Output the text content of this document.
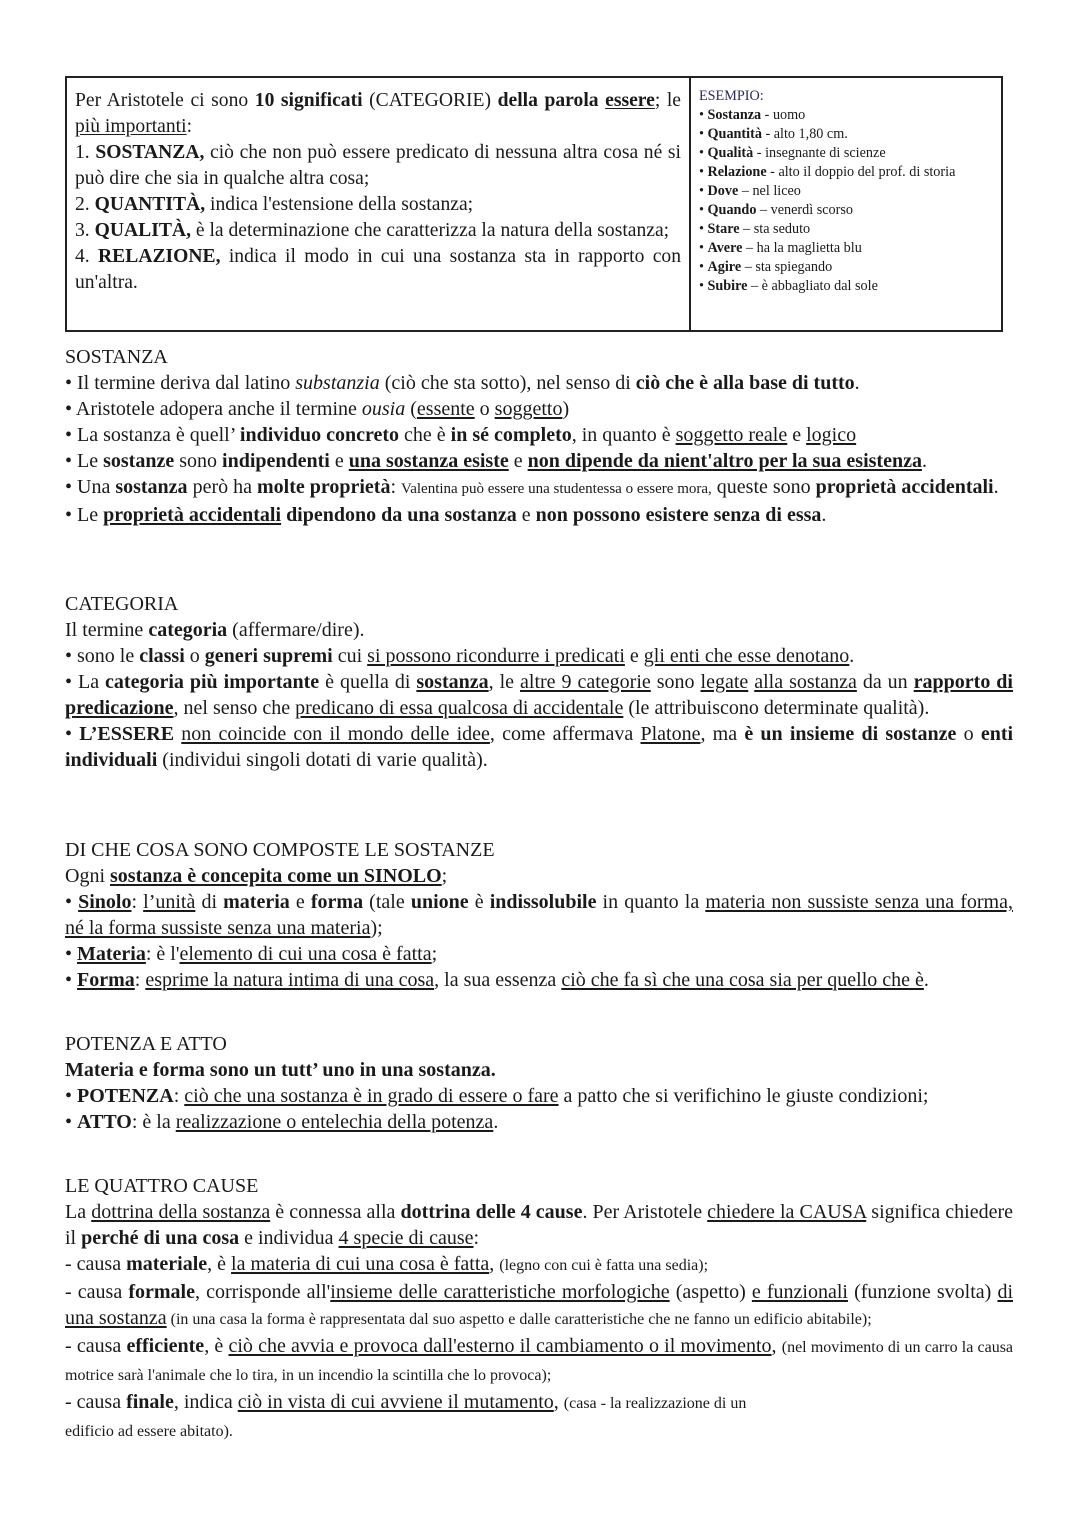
Per Aristotele ci sono 10 significati (CATEGORIE) della parola essere; le più importanti:
1. SOSTANZA, ciò che non può essere predicato di nessuna altra cosa né si può dire che sia in qualche altra cosa;
2. QUANTITÀ, indica l'estensione della sostanza;
3. QUALITÀ, è la determinazione che caratterizza la natura della sostanza;
4. RELAZIONE, indica il modo in cui una sostanza sta in rapporto con un'altra.

ESEMPIO:
• Sostanza - uomo
• Quantità - alto 1,80 cm.
• Qualità - insegnante di scienze
• Relazione - alto il doppio del prof. di storia
• Dove – nel liceo
• Quando – venerdì scorso
• Stare – sta seduto
• Avere – ha la maglietta blu
• Agire – sta spiegando
• Subire – è abbagliato dal sole

SOSTANZA

• Il termine deriva dal latino substanzia (ciò che sta sotto), nel senso di ciò che è alla base di tutto.

• Aristotele adopera anche il termine ousia (essente o soggetto)

• La sostanza è quell’ individuo concreto che è in sé completo, in quanto è soggetto reale e logico

• Le sostanze sono indipendenti e una sostanza esiste e non dipende da nient'altro per la sua esistenza.

• Una sostanza però ha molte proprietà: Valentina può essere una studentessa o essere mora, queste sono proprietà accidentali.

• Le proprietà accidentali dipendono da una sostanza e non possono esistere senza di essa.

CATEGORIA

Il termine categoria (affermare/dire).

• sono le classi o generi supremi cui si possono ricondurre i predicati e gli enti che esse denotano.

• La categoria più importante è quella di sostanza, le altre 9 categorie sono legate alla sostanza da un rapporto di predicazione, nel senso che predicano di essa qualcosa di accidentale (le attribuiscono determinate qualità).

• L’ESSERE non coincide con il mondo delle idee, come affermava Platone, ma è un insieme di sostanze o enti individuali (individui singoli dotati di varie qualità).

DI CHE COSA SONO COMPOSTE LE SOSTANZE

Ogni sostanza è concepita come un SINOLO;

• Sinolo: l’unità di materia e forma (tale unione è indissolubile in quanto la materia non sussiste senza una forma, né la forma sussiste senza una materia);

• Materia: è l'elemento di cui una cosa è fatta;

• Forma: esprime la natura intima di una cosa, la sua essenza ciò che fa sì che una cosa sia per quello che è.

POTENZA E ATTO

Materia e forma sono un tutt’ uno in una sostanza.

• POTENZA: ciò che una sostanza è in grado di essere o fare a patto che si verifichino le giuste condizioni;

• ATTO: è la realizzazione o entelechia della potenza.

LE QUATTRO CAUSE

La dottrina della sostanza è connessa alla dottrina delle 4 cause. Per Aristotele chiedere la CAUSA significa chiedere il perché di una cosa e individua 4 specie di cause:

- causa materiale, è la materia di cui una cosa è fatta, (legno con cui è fatta una sedia);

- causa formale, corrisponde all'insieme delle caratteristiche morfologiche (aspetto) e funzionali (funzione svolta) di una sostanza (in una casa la forma è rappresentata dal suo aspetto e dalle caratteristiche che ne fanno un edificio abitabile);

- causa efficiente, è ciò che avvia e provoca dall'esterno il cambiamento o il movimento, (nel movimento di un carro la causa motrice sarà l'animale che lo tira, in un incendio la scintilla che lo provoca);

- causa finale, indica ciò in vista di cui avviene il mutamento, (casa - la realizzazione di un
edificio ad essere abitato).
